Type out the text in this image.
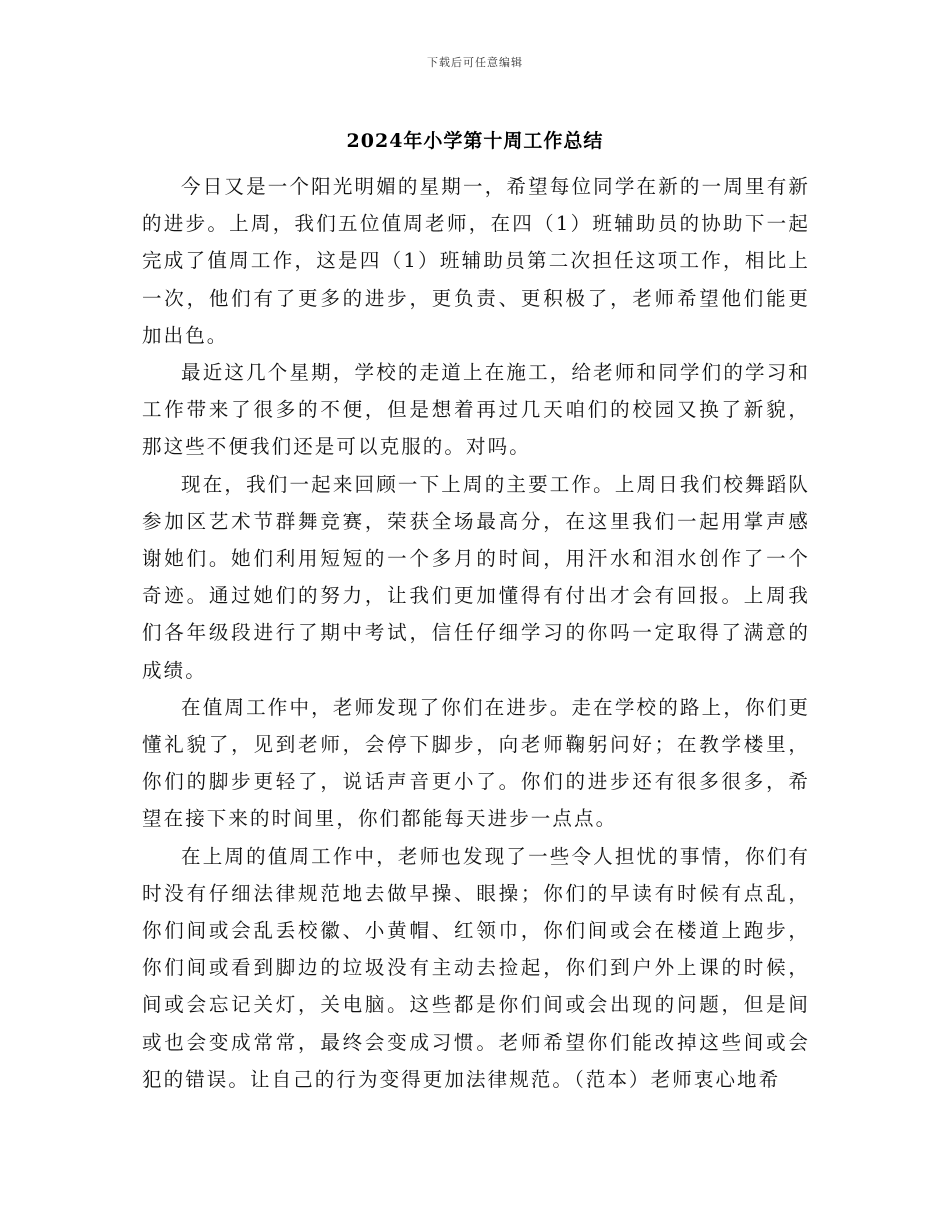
下载后可任意编辑
2024年小学第十周工作总结

今日又是一个阳光明媚的星期一，希望每位同学在新的一周里有新的进步。上周，我们五位值周老师，在四（1）班辅助员的协助下一起完成了值周工作，这是四（1）班辅助员第二次担任这项工作，相比上一次，他们有了更多的进步，更负责、更积极了，老师希望他们能更加出色。

最近这几个星期，学校的走道上在施工，给老师和同学们的学习和工作带来了很多的不便，但是想着再过几天咱们的校园又换了新貌，那这些不便我们还是可以克服的。对吗。

现在，我们一起来回顾一下上周的主要工作。上周日我们校舞蹈队参加区艺术节群舞竞赛，荣获全场最高分，在这里我们一起用掌声感谢她们。她们利用短短的一个多月的时间，用汗水和泪水创作了一个奇迹。通过她们的努力，让我们更加懂得有付出才会有回报。上周我们各年级段进行了期中考试，信任仔细学习的你吗一定取得了满意的成绩。

在值周工作中，老师发现了你们在进步。走在学校的路上，你们更懂礼貌了，见到老师，会停下脚步，向老师鞠躬问好；在教学楼里，你们的脚步更轻了，说话声音更小了。你们的进步还有很多很多，希望在接下来的时间里，你们都能每天进步一点点。

在上周的值周工作中，老师也发现了一些令人担忧的事情，你们有时没有仔细法律规范地去做早操、眼操；你们的早读有时候有点乱，你们间或会乱丢校徽、小黄帽、红领巾，你们间或会在楼道上跑步，你们间或看到脚边的垃圾没有主动去捡起，你们到户外上课的时候，间或会忘记关灯，关电脑。这些都是你们间或会出现的问题，但是间或也会变成常常，最终会变成习惯。老师希望你们能改掉这些间或会犯的错误。让自己的行为变得更加法律规范。（范本）老师衷心地希
